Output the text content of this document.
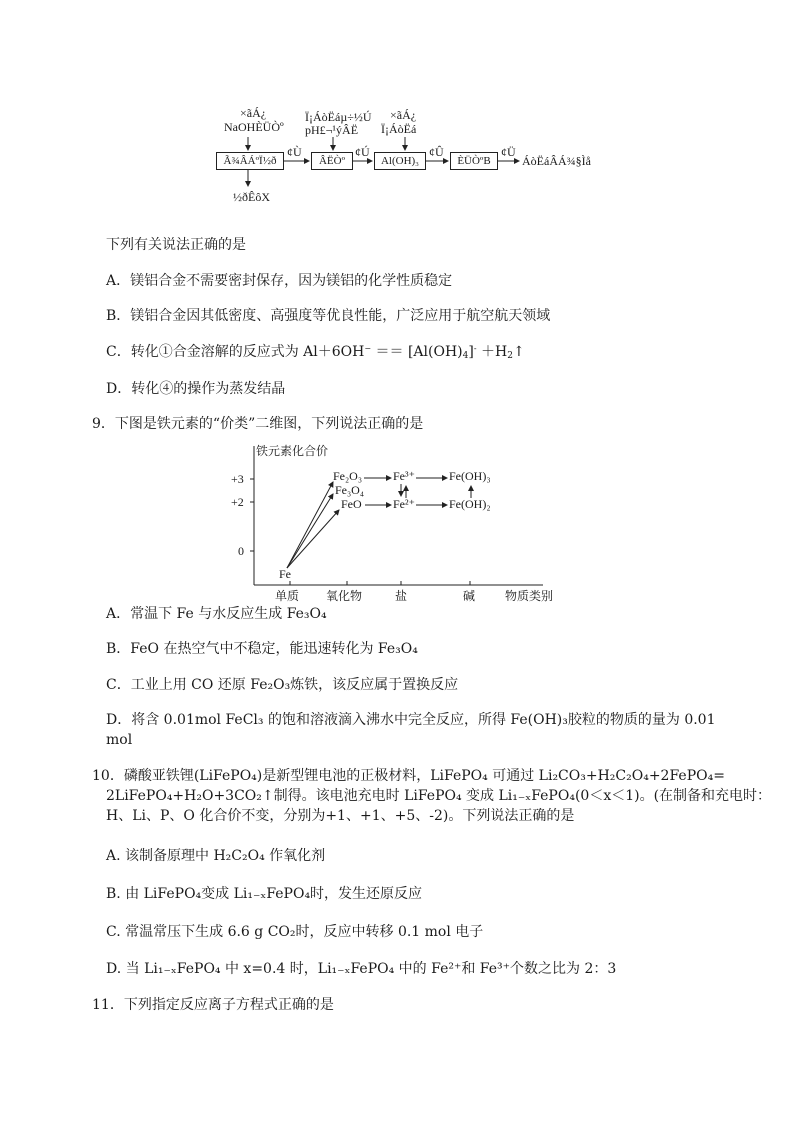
×ãÁ¿
NaOHÈÜÒº
Ï¡ÁòËáµ÷½Ú
pH£¬¹ýÂË
×ãÁ¿
Ï¡ÁòËá
Ã¾ÂÁºÏ½ð	ÂËÒº	Al(OH)₃	ÈÜÒºB	ÁòËáÂÁ¾§Ìå
¢Ù	¢Ú	¢Û	¢Ü
½ðÊôX
下列有关说法正确的是
A．镁铝合金不需要密封保存，因为镁铝的化学性质稳定
B．镁铝合金因其低密度、高强度等优良性能，广泛应用于航空航天领域
C．转化①合金溶解的反应式为 $Al+6OH^- == [Al(OH)_4]^-$ $+H_2↑$
D．转化④的操作为蒸发结晶
9．下图是铁元素的“价类”二维图，下列说法正确的是
铁元素化合价
+3
+2
0
单质 氧化物	盐	碱 物质类别
Fe
Fe₂O₃
Fe₃O₄
FeO
Fe³⁺
Fe²⁺
Fe(OH)₃
Fe(OH)₂
A．常温下 Fe 与水反应生成 Fe₃O₄
B．FeO 在热空气中不稳定，能迅速转化为 Fe₃O₄
C．工业上用 CO 还原 Fe₂O₃炼铁，该反应属于置换反应
D．将含 0.01mol FeCl₃ 的饱和溶液滴入沸水中完全反应，所得 Fe(OH)₃胶粒的物质的量为 0.01
mol
10．磷酸亚铁锂(LiFePO₄)是新型锂电池的正极材料，LiFePO₄ 可通过 Li₂CO₃+H₂C₂O₄+2FePO₄=
2LiFePO₄+H₂O+3CO₂↑制得。该电池充电时 LiFePO₄ 变成 Li₁₋ₓFePO₄(0＜x＜1)。(在制备和充电时：
H、Li、P、O 化合价不变，分别为+1、+1、+5、-2)。下列说法正确的是
A. 该制备原理中 H₂C₂O₄ 作氧化剂
B. 由 LiFePO₄变成 Li₁₋ₓFePO₄时，发生还原反应
C. 常温常压下生成 6.6 g CO₂时，反应中转移 0.1 mol 电子
D. 当 Li₁₋ₓFePO₄ 中 x=0.4 时，Li₁₋ₓFePO₄ 中的 Fe²⁺和 Fe³⁺个数之比为 2：3
11．下列指定反应离子方程式正确的是
